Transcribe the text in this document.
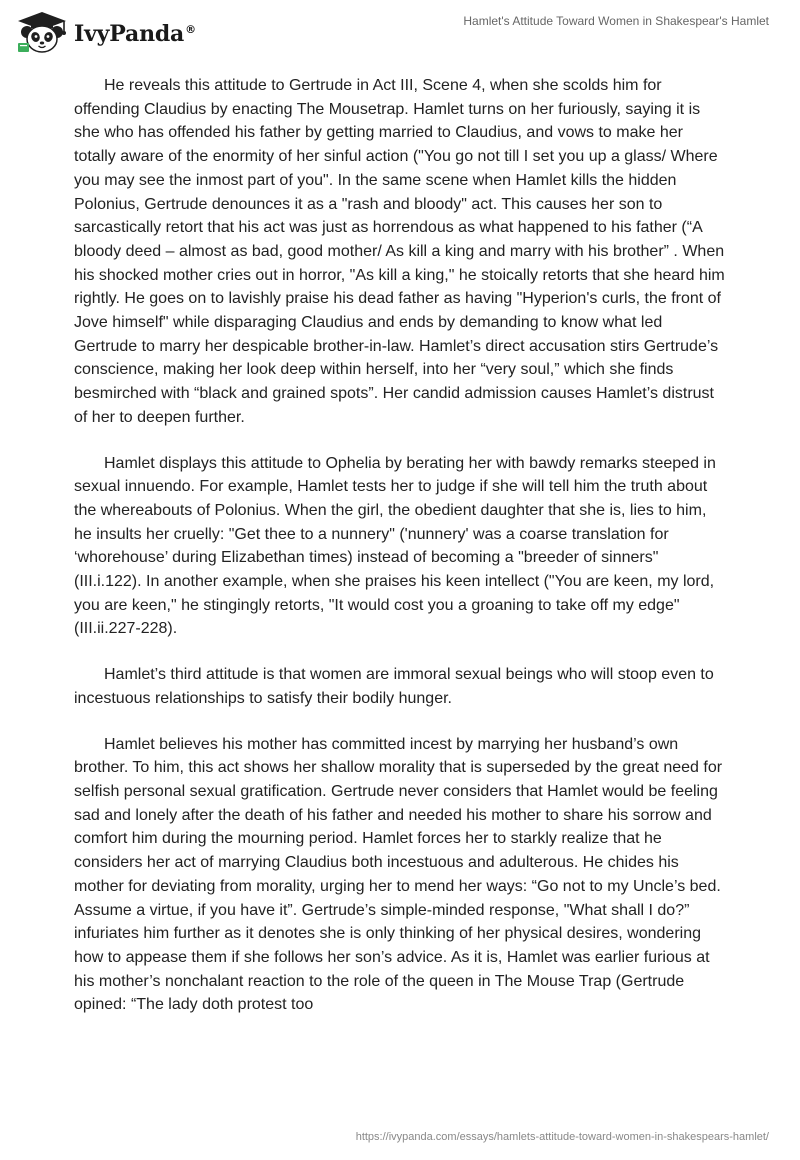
IvyPanda®
Hamlet's Attitude Toward Women in Shakespear's Hamlet

He reveals this attitude to Gertrude in Act III, Scene 4, when she scolds him for offending Claudius by enacting The Mousetrap. Hamlet turns on her furiously, saying it is she who has offended his father by getting married to Claudius, and vows to make her totally aware of the enormity of her sinful action ("You go not till I set you up a glass/ Where you may see the inmost part of you". In the same scene when Hamlet kills the hidden Polonius, Gertrude denounces it as a "rash and bloody" act. This causes her son to sarcastically retort that his act was just as horrendous as what happened to his father (“A bloody deed – almost as bad, good mother/ As kill a king and marry with his brother” . When his shocked mother cries out in horror, "As kill a king," he stoically retorts that she heard him rightly. He goes on to lavishly praise his dead father as having "Hyperion's curls, the front of Jove himself" while disparaging Claudius and ends by demanding to know what led Gertrude to marry her despicable brother-in-law. Hamlet’s direct accusation stirs Gertrude’s conscience, making her look deep within herself, into her “very soul,” which she finds besmirched with “black and grained spots”. Her candid admission causes Hamlet’s distrust of her to deepen further.

Hamlet displays this attitude to Ophelia by berating her with bawdy remarks steeped in sexual innuendo. For example, Hamlet tests her to judge if she will tell him the truth about the whereabouts of Polonius. When the girl, the obedient daughter that she is, lies to him, he insults her cruelly: "Get thee to a nunnery" ('nunnery' was a coarse translation for ‘whorehouse’ during Elizabethan times) instead of becoming a "breeder of sinners" (III.i.122). In another example, when she praises his keen intellect ("You are keen, my lord, you are keen," he stingingly retorts, "It would cost you a groaning to take off my edge" (III.ii.227-228).

Hamlet’s third attitude is that women are immoral sexual beings who will stoop even to incestuous relationships to satisfy their bodily hunger.

Hamlet believes his mother has committed incest by marrying her husband’s own brother. To him, this act shows her shallow morality that is superseded by the great need for selfish personal sexual gratification. Gertrude never considers that Hamlet would be feeling sad and lonely after the death of his father and needed his mother to share his sorrow and comfort him during the mourning period. Hamlet forces her to starkly realize that he considers her act of marrying Claudius both incestuous and adulterous. He chides his mother for deviating from morality, urging her to mend her ways: “Go not to my Uncle’s bed. Assume a virtue, if you have it”. Gertrude’s simple-minded response, "What shall I do?” infuriates him further as it denotes she is only thinking of her physical desires, wondering how to appease them if she follows her son’s advice. As it is, Hamlet was earlier furious at his mother’s nonchalant reaction to the role of the queen in The Mouse Trap (Gertrude opined: “The lady doth protest too

https://ivypanda.com/essays/hamlets-attitude-toward-women-in-shakespears-hamlet/
